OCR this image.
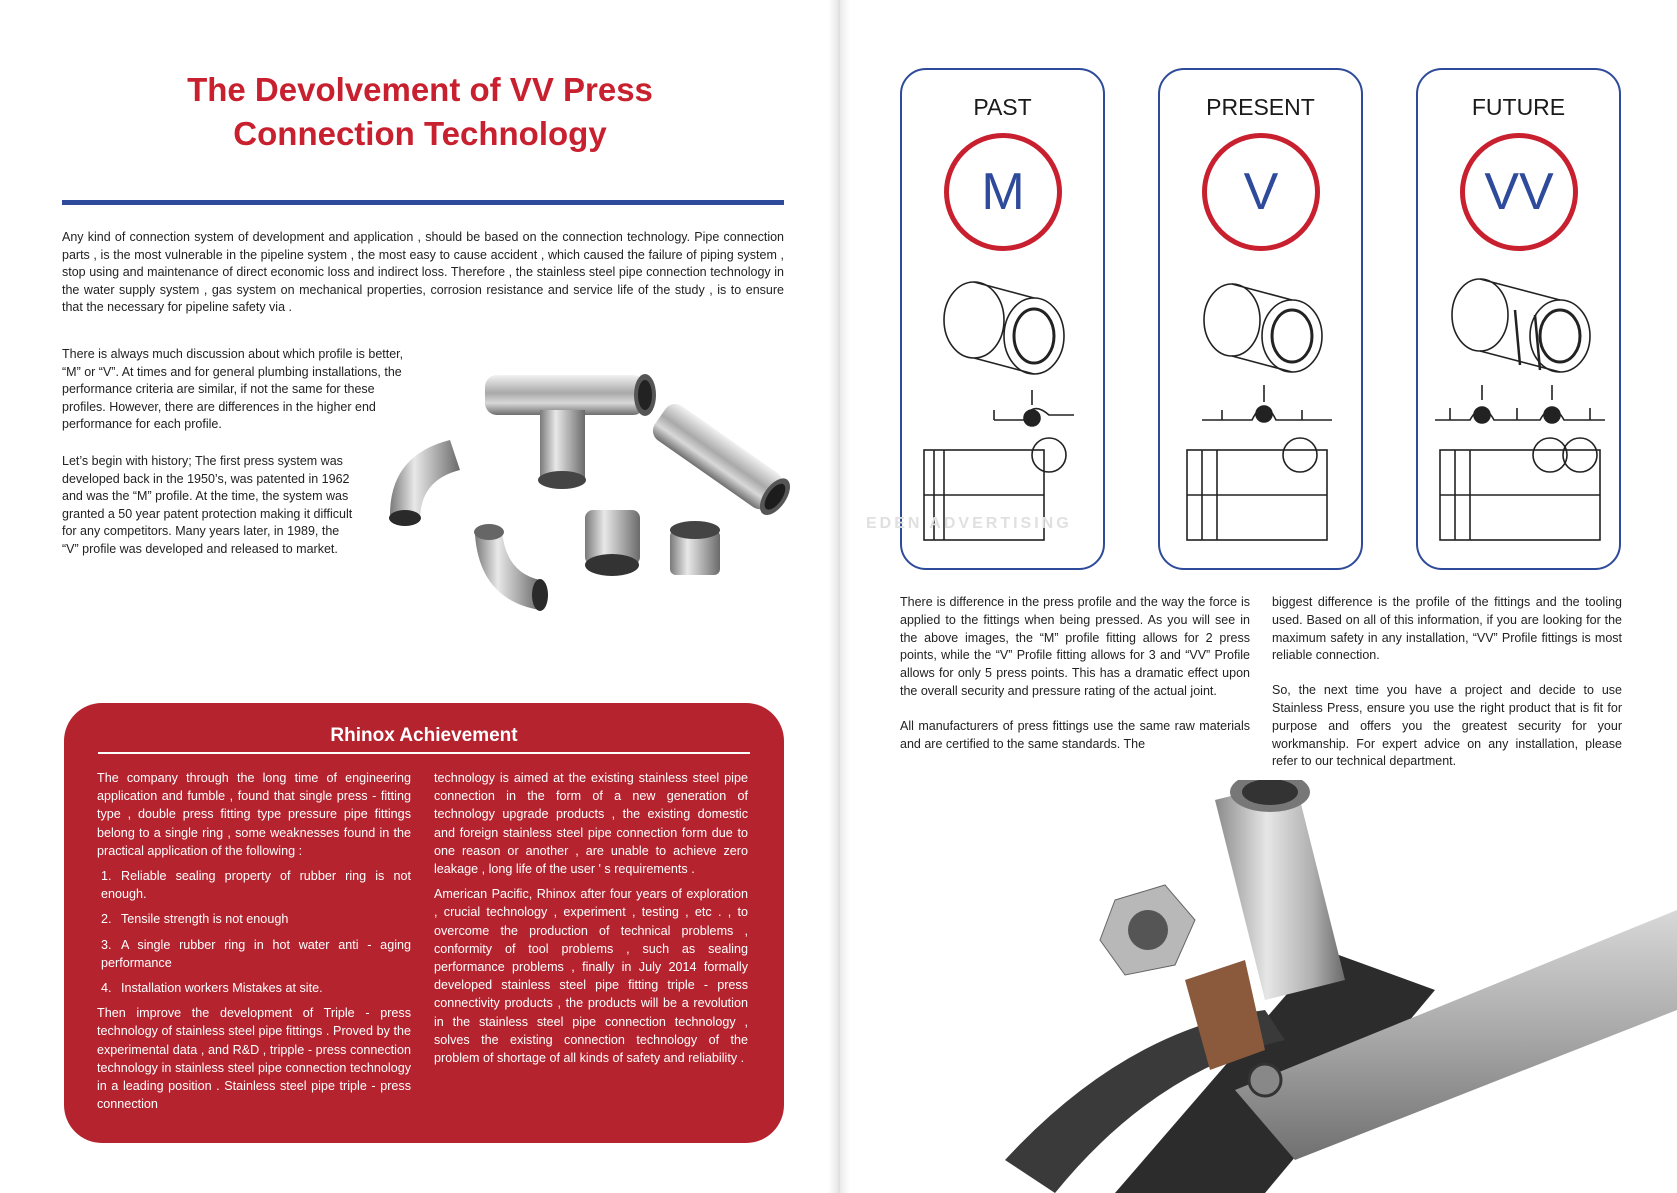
The Devolvement of VV Press
Connection Technology

Any kind of connection system of development and application , should be based on the connection technology. Pipe connection parts , is the most vulnerable in the pipeline system , the most easy to cause accident , which caused the failure of piping system , stop using and maintenance of direct economic loss and indirect loss. Therefore , the stainless steel pipe connection technology in the water supply system , gas system on mechanical properties, corrosion resistance and service life of the study , is to ensure that the necessary for pipeline safety via .

There is always much discussion about which profile is better, “M” or “V”. At times and for general plumbing installations, the performance criteria are similar, if not the same for these profiles. However, there are differences in the higher end performance for each profile.

Let’s begin with history; The first press system was developed back in the 1950’s, was patented in 1962 and was the “M” profile. At the time, the system was granted a 50 year patent protection making it difficult for any competitors. Many years later, in 1989, the “V” profile was developed and released to market.

Rhinox Achievement

The company through the long time of engineering application and fumble , found that single press - fitting type , double press fitting type pressure pipe fittings belong to a single ring , some weaknesses found in the practical application of the following :

1. Reliable sealing property of rubber ring is not enough.
2. Tensile strength is not enough
3. A single rubber ring in hot water anti - aging performance
4. Installation workers Mistakes at site.

Then improve the development of Triple - press technology of stainless steel pipe fittings . Proved by the experimental data , and R&D , tripple - press connection technology in stainless steel pipe connection technology in a leading position . Stainless steel pipe triple - press connection

technology is aimed at the existing stainless steel pipe connection in the form of a new generation of technology upgrade products , the existing domestic and foreign stainless steel pipe connection form due to one reason or another , are unable to achieve zero leakage , long life of the user ' s requirements .

American Pacific, Rhinox after four years of exploration , crucial technology , experiment , testing , etc . , to overcome the production of technical problems , conformity of tool problems , such as sealing performance problems , finally in July 2014 formally developed stainless steel pipe fitting triple - press connectivity products , the products will be a revolution in the stainless steel pipe connection technology , solves the existing connection technology of the problem of shortage of all kinds of safety and reliability .

PAST
M
PRESENT
V
FUTURE
VV
EDEN ADVERTISING

There is difference in the press profile and the way the force is applied to the fittings when being pressed. As you will see in the above images, the “M” profile fitting allows for 2 press points, while the “V” Profile fitting allows for 3 and “VV” Profile allows for only 5 press points. This has a dramatic effect upon the overall security and pressure rating of the actual joint.

All manufacturers of press fittings use the same raw materials and are certified to the same standards. The

biggest difference is the profile of the fittings and the tooling used. Based on all of this information, if you are looking for the maximum safety in any installation, “VV” Profile fittings is most reliable connection.

So, the next time you have a project and decide to use Stainless Press, ensure you use the right product that is fit for purpose and offers you the greatest security for your workmanship. For expert advice on any installation, please refer to our technical department.
